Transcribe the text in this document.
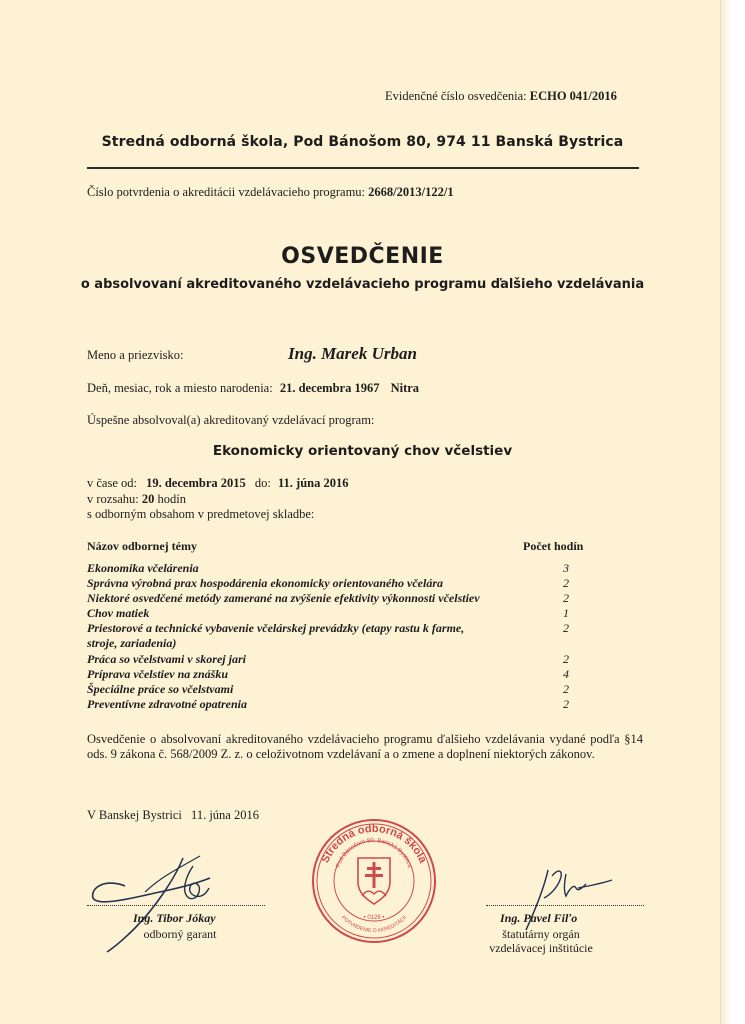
Evidenčné číslo osvedčenia: ECHO 041/2016
Stredná odborná škola, Pod Bánošom 80, 974 11 Banská Bystrica
Číslo potvrdenia o akreditácii vzdelávacieho programu: 2668/2013/122/1
OSVEDČENIE
o absolvovaní akreditovaného vzdelávacieho programu ďalšieho vzdelávania
Meno a priezvisko:	Ing. Marek Urban
Deň, mesiac, rok a miesto narodenia: 21. decembra 1967 Nitra
Úspešne absolvoval(a) akreditovaný vzdelávací program:
Ekonomicky orientovaný chov včelstiev
v čase od: 19. decembra 2015 do: 11. júna 2016
v rozsahu: 20 hodín
s odborným obsahom v predmetovej skladbe:
Názov odbornej témy	Počet hodín
Ekonomika včelárenia	3
Správna výrobná prax hospodárenia ekonomicky orientovaného včelára	2
Niektoré osvedčené metódy zamerané na zvýšenie efektivity výkonnosti včelstiev	2
Chov matiek	1
Priestorové a technické vybavenie včelárskej prevádzky (etapy rastu k farme,	2
stroje, zariadenia)
Práca so včelstvami v skorej jari	2
Príprava včelstiev na znášku	4
Špeciálne práce so včelstvami	2
Preventívne zdravotné opatrenia	2
Osvedčenie o absolvovaní akreditovaného vzdelávacieho programu ďalšieho vzdelávania vydané podľa §14 ods. 9 zákona č. 568/2009 Z. z. o celoživotnom vzdelávaní a o zmene a doplnení niektorých zákonov.
V Banskej Bystrici 11. júna 2016
Ing. Tibor Jókay
odborný garant
Stredná odborná škola
Pod Bánošom 80, Banská Bystrica
POTVRDENIE O AKREDITÁCII
• 0126 •	Ing. Pavel Fiľo
štatutárny orgán
vzdelávacej inštitúcie
